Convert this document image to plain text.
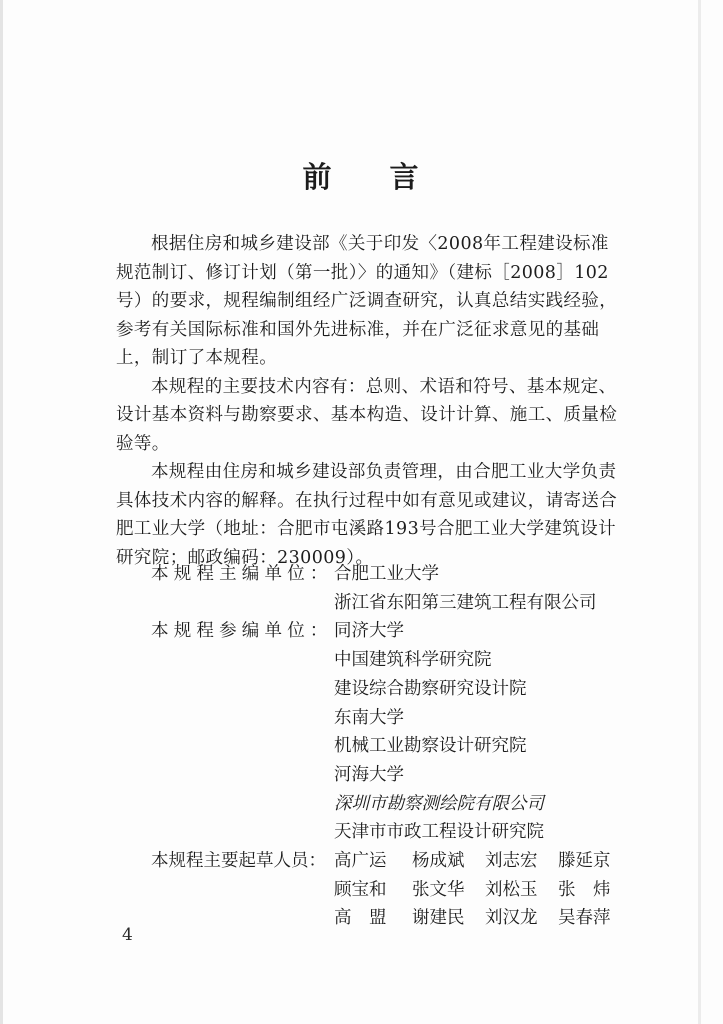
前 言

根据住房和城乡建设部《关于印发〈2008年工程建设标准
规范制订、修订计划（第一批）〉的通知》（建标［2008］102
号）的要求，规程编制组经广泛调查研究，认真总结实践经验，
参考有关国际标准和国外先进标准，并在广泛征求意见的基础
上，制订了本规程。

本规程的主要技术内容有：总则、术语和符号、基本规定、
设计基本资料与勘察要求、基本构造、设计计算、施工、质量检
验等。

本规程由住房和城乡建设部负责管理，由合肥工业大学负责
具体技术内容的解释。在执行过程中如有意见或建议，请寄送合
肥工业大学（地址：合肥市屯溪路193号合肥工业大学建筑设计
研究院；邮政编码：230009）。

本规程主编单位： 合肥工业大学
浙江省东阳第三建筑工程有限公司
本规程参编单位： 同济大学
中国建筑科学研究院
建设综合勘察研究设计院
东南大学
机械工业勘察设计研究院
河海大学
深圳市勘察测绘院有限公司
天津市市政工程设计研究院
本规程主要起草人员： 高广运	杨成斌	刘志宏	滕延京
顾宝和	张文华	刘松玉	张　炜
高　盟	谢建民	刘汉龙	吴春萍
4
